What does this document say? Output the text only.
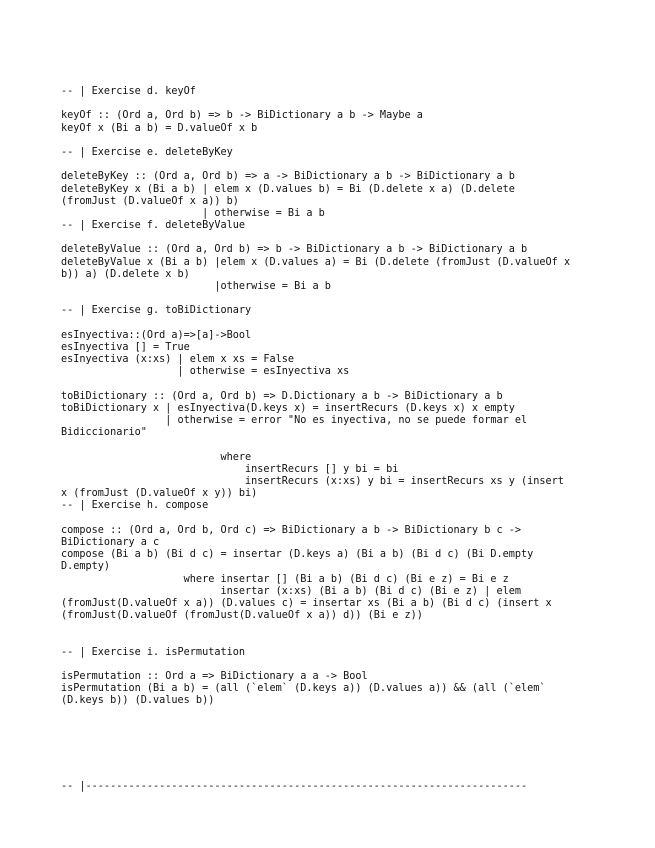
-- | Exercise d. keyOf
keyOf :: (Ord a, Ord b) => b -> BiDictionary a b -> Maybe a
keyOf x (Bi a b) = D.valueOf x b
-- | Exercise e. deleteByKey
deleteByKey :: (Ord a, Ord b) => a -> BiDictionary a b -> BiDictionary a b
deleteByKey x (Bi a b) | elem x (D.values b) = Bi (D.delete x a) (D.delete
(fromJust (D.valueOf x a)) b)
| otherwise = Bi a b
-- | Exercise f. deleteByValue
deleteByValue :: (Ord a, Ord b) => b -> BiDictionary a b -> BiDictionary a b
deleteByValue x (Bi a b) |elem x (D.values a) = Bi (D.delete (fromJust (D.valueOf x
b)) a) (D.delete x b)
|otherwise = Bi a b
-- | Exercise g. toBiDictionary
esInyectiva::(Ord a)=>[a]->Bool
esInyectiva [] = True
esInyectiva (x:xs) | elem x xs = False
| otherwise = esInyectiva xs
toBiDictionary :: (Ord a, Ord b) => D.Dictionary a b -> BiDictionary a b
toBiDictionary x | esInyectiva(D.keys x) = insertRecurs (D.keys x) x empty
| otherwise = error "No es inyectiva, no se puede formar el
Bidiccionario"
where
insertRecurs [] y bi = bi
insertRecurs (x:xs) y bi = insertRecurs xs y (insert
x (fromJust (D.valueOf x y)) bi)
-- | Exercise h. compose
compose :: (Ord a, Ord b, Ord c) => BiDictionary a b -> BiDictionary b c ->
BiDictionary a c
compose (Bi a b) (Bi d c) = insertar (D.keys a) (Bi a b) (Bi d c) (Bi D.empty
D.empty)
where insertar [] (Bi a b) (Bi d c) (Bi e z) = Bi e z
insertar (x:xs) (Bi a b) (Bi d c) (Bi e z) | elem
(fromJust(D.valueOf x a)) (D.values c) = insertar xs (Bi a b) (Bi d c) (insert x
(fromJust(D.valueOf (fromJust(D.valueOf x a)) d)) (Bi e z))
-- | Exercise i. isPermutation
isPermutation :: Ord a => BiDictionary a a -> Bool
isPermutation (Bi a b) = (all (`elem` (D.keys a)) (D.values a)) && (all (`elem`
(D.keys b)) (D.values b))
-- |------------------------------------------------------------------------
